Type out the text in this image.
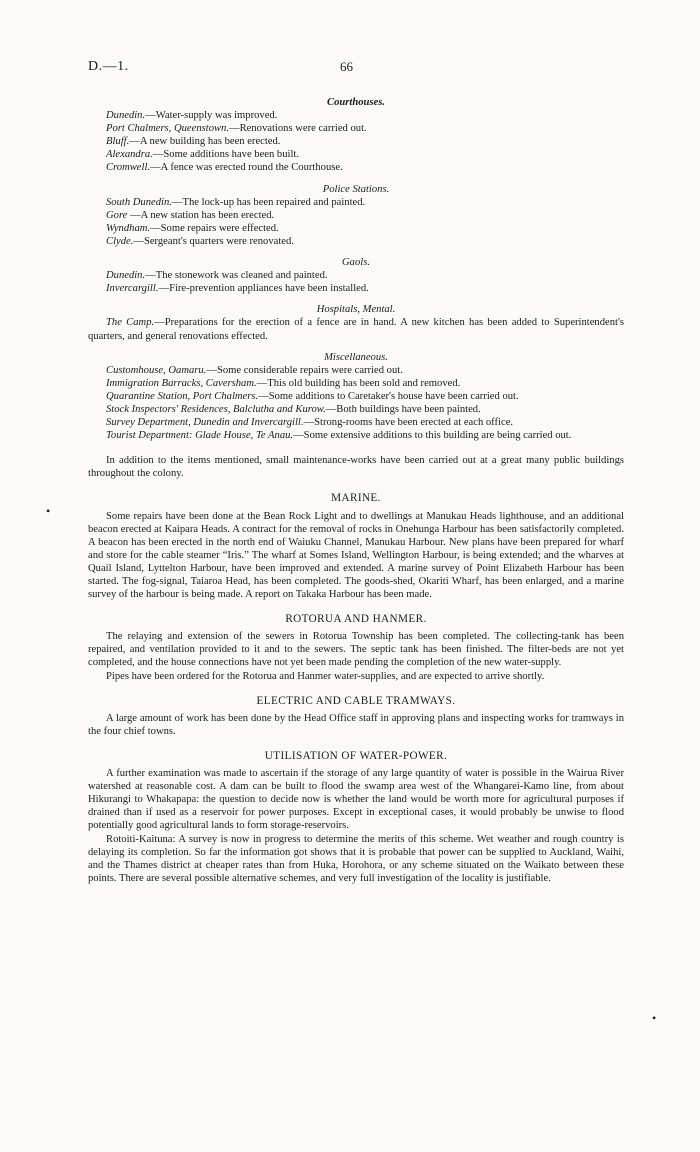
D.—1.	66

Courthouses.

Dunedin.—Water-supply was improved.
Port Chalmers, Queenstown.—Renovations were carried out.
Bluff.—A new building has been erected.
Alexandra.—Some additions have been built.
Cromwell.—A fence was erected round the Courthouse.

Police Stations.

South Dunedin.—The lock-up has been repaired and painted.
Gore —A new station has been erected.
Wyndham.—Some repairs were effected.
Clyde.—Sergeant's quarters were renovated.

Gaols.

Dunedin.—The stonework was cleaned and painted.
Invercargill.—Fire-prevention appliances have been installed.

Hospitals, Mental.

The Camp.—Preparations for the erection of a fence are in hand. A new kitchen has been added to Superintendent's quarters, and general renovations effected.

Miscellaneous.

Customhouse, Oamaru.—Some considerable repairs were carried out.
Immigration Barracks, Caversham.—This old building has been sold and removed.
Quarantine Station, Port Chalmers.—Some additions to Caretaker's house have been carried out.
Stock Inspectors' Residences, Balclutha and Kurow.—Both buildings have been painted.
Survey Department, Dunedin and Invercargill.—Strong-rooms have been erected at each office.
Tourist Department: Glade House, Te Anau.—Some extensive additions to this building are being carried out.

In addition to the items mentioned, small maintenance-works have been carried out at a great many public buildings throughout the colony.

MARINE.

Some repairs have been done at the Bean Rock Light and to dwellings at Manukau Heads lighthouse, and an additional beacon erected at Kaipara Heads. A contract for the removal of rocks in Onehunga Harbour has been satisfactorily completed. A beacon has been erected in the north end of Waiuku Channel, Manukau Harbour. New plans have been prepared for wharf and store for the cable steamer “Iris.” The wharf at Somes Island, Wellington Harbour, is being extended; and the wharves at Quail Island, Lyttelton Harbour, have been improved and extended. A marine survey of Point Elizabeth Harbour has been started. The fog-signal, Taiaroa Head, has been completed. The goods-shed, Okariti Wharf, has been enlarged, and a marine survey of the harbour is being made. A report on Takaka Harbour has been made.

ROTORUA AND HANMER.

The relaying and extension of the sewers in Rotorua Township has been completed. The collecting-tank has been repaired, and ventilation provided to it and to the sewers. The septic tank has been finished. The filter-beds are not yet completed, and the house connections have not yet been made pending the completion of the new water-supply.

Pipes have been ordered for the Rotorua and Hanmer water-supplies, and are expected to arrive shortly.

ELECTRIC AND CABLE TRAMWAYS.

A large amount of work has been done by the Head Office staff in approving plans and inspecting works for tramways in the four chief towns.

UTILISATION OF WATER-POWER.

A further examination was made to ascertain if the storage of any large quantity of water is possible in the Wairua River watershed at reasonable cost. A dam can be built to flood the swamp area west of the Whangarei-Kamo line, from about Hikurangi to Whakapapa: the question to decide now is whether the land would be worth more for agricultural purposes if drained than if used as a reservoir for power purposes. Except in exceptional cases, it would probably be unwise to flood potentially good agricultural lands to form storage-reservoirs.

Rotoiti-Kaituna: A survey is now in progress to determine the merits of this scheme. Wet weather and rough country is delaying its completion. So far the information got shows that it is probable that power can be supplied to Auckland, Waihi, and the Thames district at cheaper rates than from Huka, Horohora, or any scheme situated on the Waikato between these points. There are several possible alternative schemes, and very full investigation of the locality is justifiable.

•
•
